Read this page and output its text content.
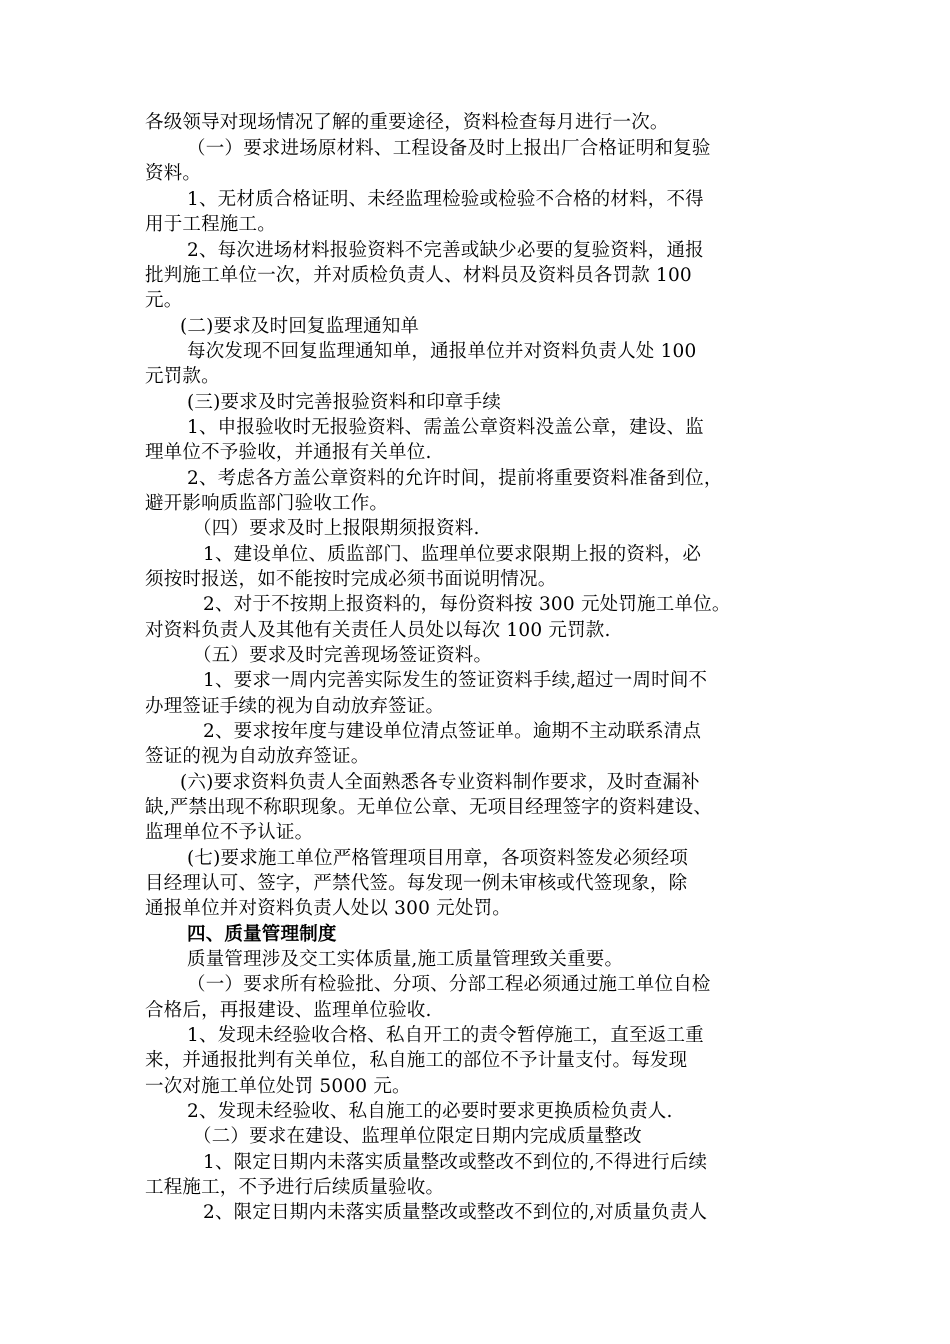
各级领导对现场情况了解的重要途径，资料检查每月进行一次。
（一）要求进场原材料、工程设备及时上报出厂合格证明和复验
资料。
1、无材质合格证明、未经监理检验或检验不合格的材料，不得
用于工程施工。
2、每次进场材料报验资料不完善或缺少必要的复验资料，通报
批判施工单位一次，并对质检负责人、材料员及资料员各罚款 100
元。
(二)要求及时回复监理通知单
每次发现不回复监理通知单，通报单位并对资料负责人处 100
元罚款。
(三)要求及时完善报验资料和印章手续
1、申报验收时无报验资料、需盖公章资料没盖公章，建设、监
理单位不予验收，并通报有关单位.
2、考虑各方盖公章资料的允许时间，提前将重要资料准备到位，
避开影响质监部门验收工作。
（四）要求及时上报限期须报资料.
1、建设单位、质监部门、监理单位要求限期上报的资料，必
须按时报送，如不能按时完成必须书面说明情况。
2、对于不按期上报资料的，每份资料按 300 元处罚施工单位。
对资料负责人及其他有关责任人员处以每次 100 元罚款.
（五）要求及时完善现场签证资料。
1、要求一周内完善实际发生的签证资料手续,超过一周时间不
办理签证手续的视为自动放弃签证。
2、要求按年度与建设单位清点签证单。逾期不主动联系清点
签证的视为自动放弃签证。
(六)要求资料负责人全面熟悉各专业资料制作要求，及时查漏补
缺,严禁出现不称职现象。无单位公章、无项目经理签字的资料建设、
监理单位不予认证。
(七)要求施工单位严格管理项目用章，各项资料签发必须经项
目经理认可、签字，严禁代签。每发现一例未审核或代签现象，除
通报单位并对资料负责人处以 300 元处罚。
四、质量管理制度
质量管理涉及交工实体质量,施工质量管理致关重要。
（一）要求所有检验批、分项、分部工程必须通过施工单位自检
合格后，再报建设、监理单位验收.
1、发现未经验收合格、私自开工的责令暂停施工，直至返工重
来，并通报批判有关单位，私自施工的部位不予计量支付。每发现
一次对施工单位处罚 5000 元。
2、发现未经验收、私自施工的必要时要求更换质检负责人.
（二）要求在建设、监理单位限定日期内完成质量整改
1、限定日期内未落实质量整改或整改不到位的,不得进行后续
工程施工，不予进行后续质量验收。
2、限定日期内未落实质量整改或整改不到位的,对质量负责人
